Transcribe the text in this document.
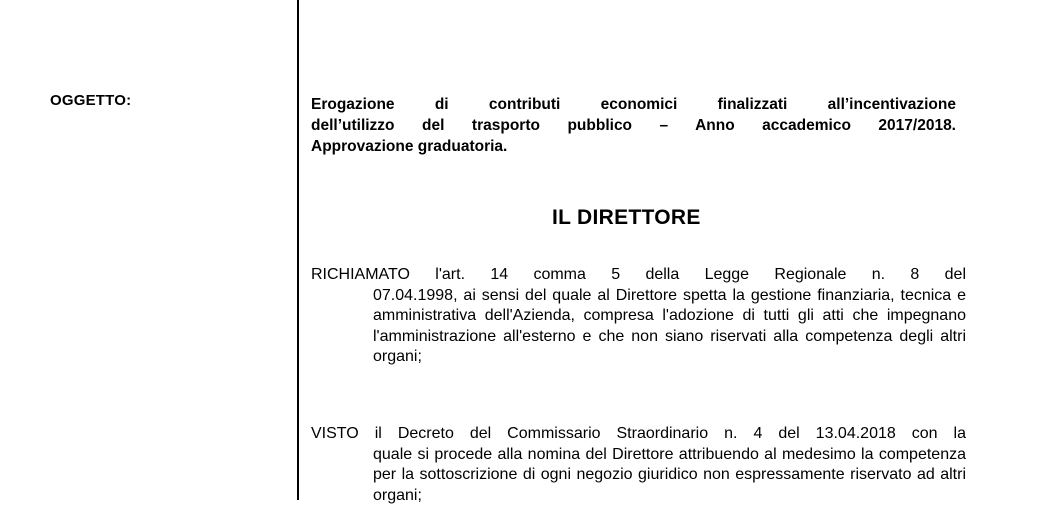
OGGETTO:	Erogazione di contributi economici finalizzati all’incentivazione
dell’utilizzo del trasporto pubblico – Anno accademico 2017/2018.
Approvazione graduatoria.
IL DIRETTORE
RICHIAMATO l'art. 14 comma 5 della Legge Regionale n. 8 del
07.04.1998, ai sensi del quale al Direttore spetta la gestione finanziaria, tecnica e amministrativa dell'Azienda, compresa l'adozione di tutti gli atti che impegnano l'amministrazione all'esterno e che non siano riservati alla competenza degli altri organi;
VISTO il Decreto del Commissario Straordinario n. 4 del 13.04.2018 con la
quale si procede alla nomina del Direttore attribuendo al medesimo la competenza per la sottoscrizione di ogni negozio giuridico non espressamente riservato ad altri organi;
